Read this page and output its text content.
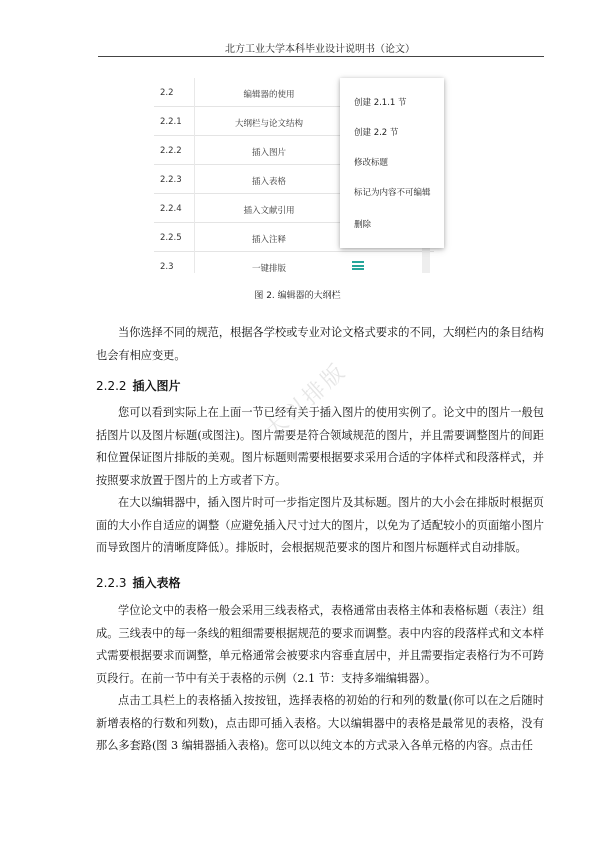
北方工业大学本科毕业设计说明书（论文）
2.2	编辑器的使用
2.2.1	大纲栏与论文结构
2.2.2	插入图片
2.2.3	插入表格
2.2.4	插入文献引用
2.2.5	插入注释
2.3	一键排版
创建 2.1.1 节
创建 2.2 节
修改标题
标记为内容不可编辑
删除
图 2. 编辑器的大纲栏

当你选择不同的规范，根据各学校或专业对论文格式要求的不同，大纲栏内的条目结构也会有相应变更。

2.2.2 插入图片

您可以看到实际上在上面一节已经有关于插入图片的使用实例了。论文中的图片一般包括图片以及图片标题(或图注)。图片需要是符合领域规范的图片，并且需要调整图片的间距和位置保证图片排版的美观。图片标题则需要根据要求采用合适的字体样式和段落样式，并按照要求放置于图片的上方或者下方。

在大以编辑器中，插入图片时可一步指定图片及其标题。图片的大小会在排版时根据页面的大小作自适应的调整（应避免插入尺寸过大的图片，以免为了适配较小的页面缩小图片而导致图片的清晰度降低）。排版时，会根据规范要求的图片和图片标题样式自动排版。

2.2.3 插入表格

学位论文中的表格一般会采用三线表格式，表格通常由表格主体和表格标题（表注）组成。三线表中的每一条线的粗细需要根据规范的要求而调整。表中内容的段落样式和文本样式需要根据要求而调整，单元格通常会被要求内容垂直居中，并且需要指定表格行为不可跨页段行。在前一节中有关于表格的示例（2.1 节：支持多端编辑器）。

点击工具栏上的表格插入按按钮，选择表格的初始的行和列的数量(你可以在之后随时新增表格的行数和列数)，点击即可插入表格。大以编辑器中的表格是最常见的表格，没有那么多套路(图 3 编辑器插入表格)。您可以以纯文本的方式录入各单元格的内容。点击任

大以排版
